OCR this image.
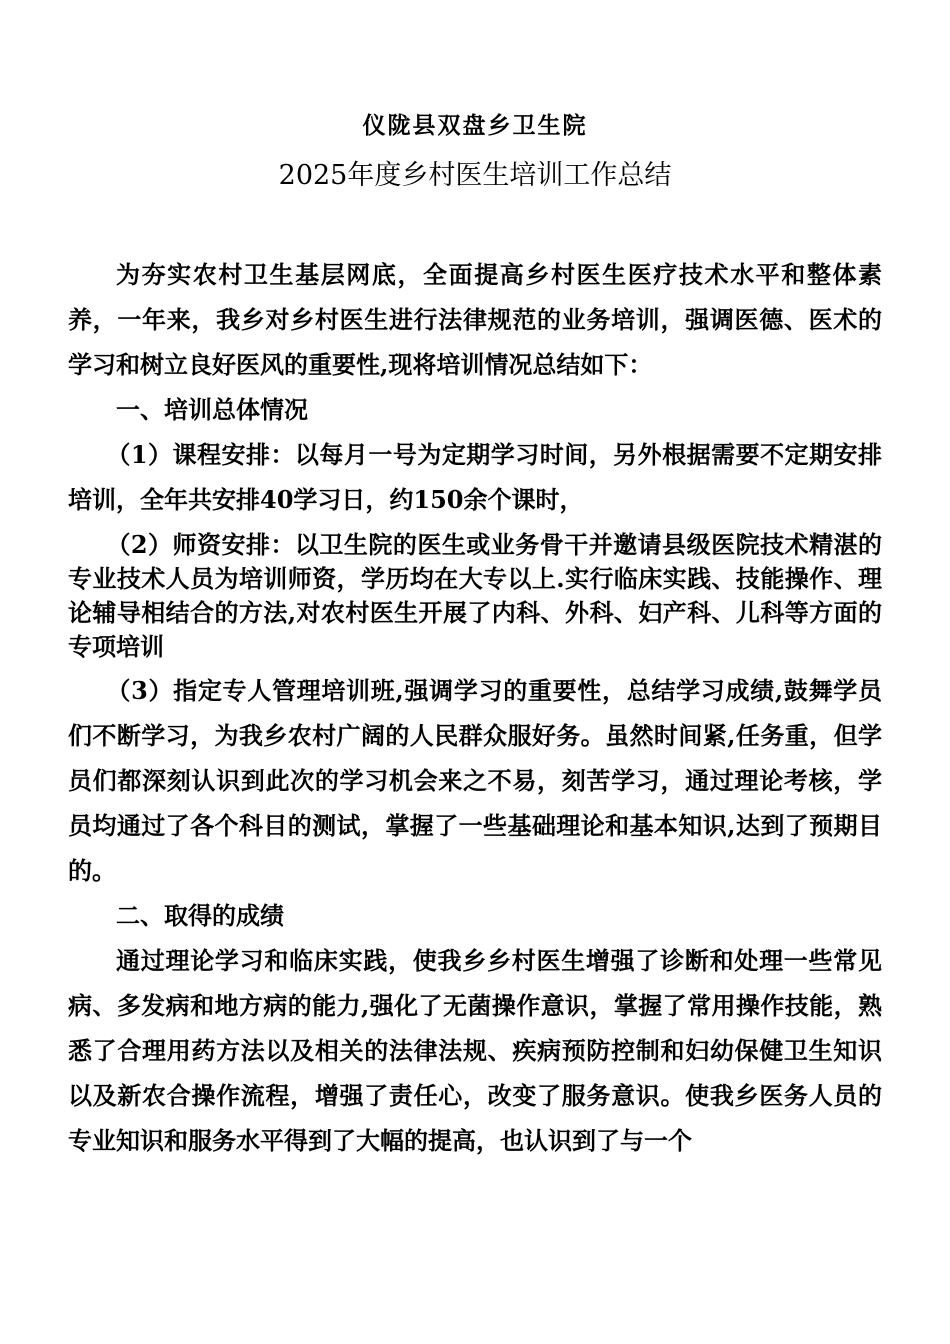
仪陇县双盘乡卫生院
2025年度乡村医生培训工作总结

为夯实农村卫生基层网底，全面提高乡村医生医疗技术水平和整体素养，一年来，我乡对乡村医生进行法律规范的业务培训，强调医德、医术的学习和树立良好医风的重要性,现将培训情况总结如下：

一、培训总体情况

（1）课程安排：以每月一号为定期学习时间，另外根据需要不定期安排培训，全年共安排40学习日，约150余个课时，

（2）师资安排：以卫生院的医生或业务骨干并邀请县级医院技术精湛的专业技术人员为培训师资，学历均在大专以上.实行临床实践、技能操作、理论辅导相结合的方法,对农村医生开展了内科、外科、妇产科、儿科等方面的专项培训

（3）指定专人管理培训班,强调学习的重要性，总结学习成绩,鼓舞学员们不断学习，为我乡农村广阔的人民群众服好务。虽然时间紧,任务重，但学员们都深刻认识到此次的学习机会来之不易，刻苦学习，通过理论考核，学员均通过了各个科目的测试，掌握了一些基础理论和基本知识,达到了预期目的。

二、取得的成绩

通过理论学习和临床实践，使我乡乡村医生增强了诊断和处理一些常见病、多发病和地方病的能力,强化了无菌操作意识，掌握了常用操作技能，熟悉了合理用药方法以及相关的法律法规、疾病预防控制和妇幼保健卫生知识以及新农合操作流程，增强了责任心，改变了服务意识。使我乡医务人员的专业知识和服务水平得到了大幅的提高，也认识到了与一个
